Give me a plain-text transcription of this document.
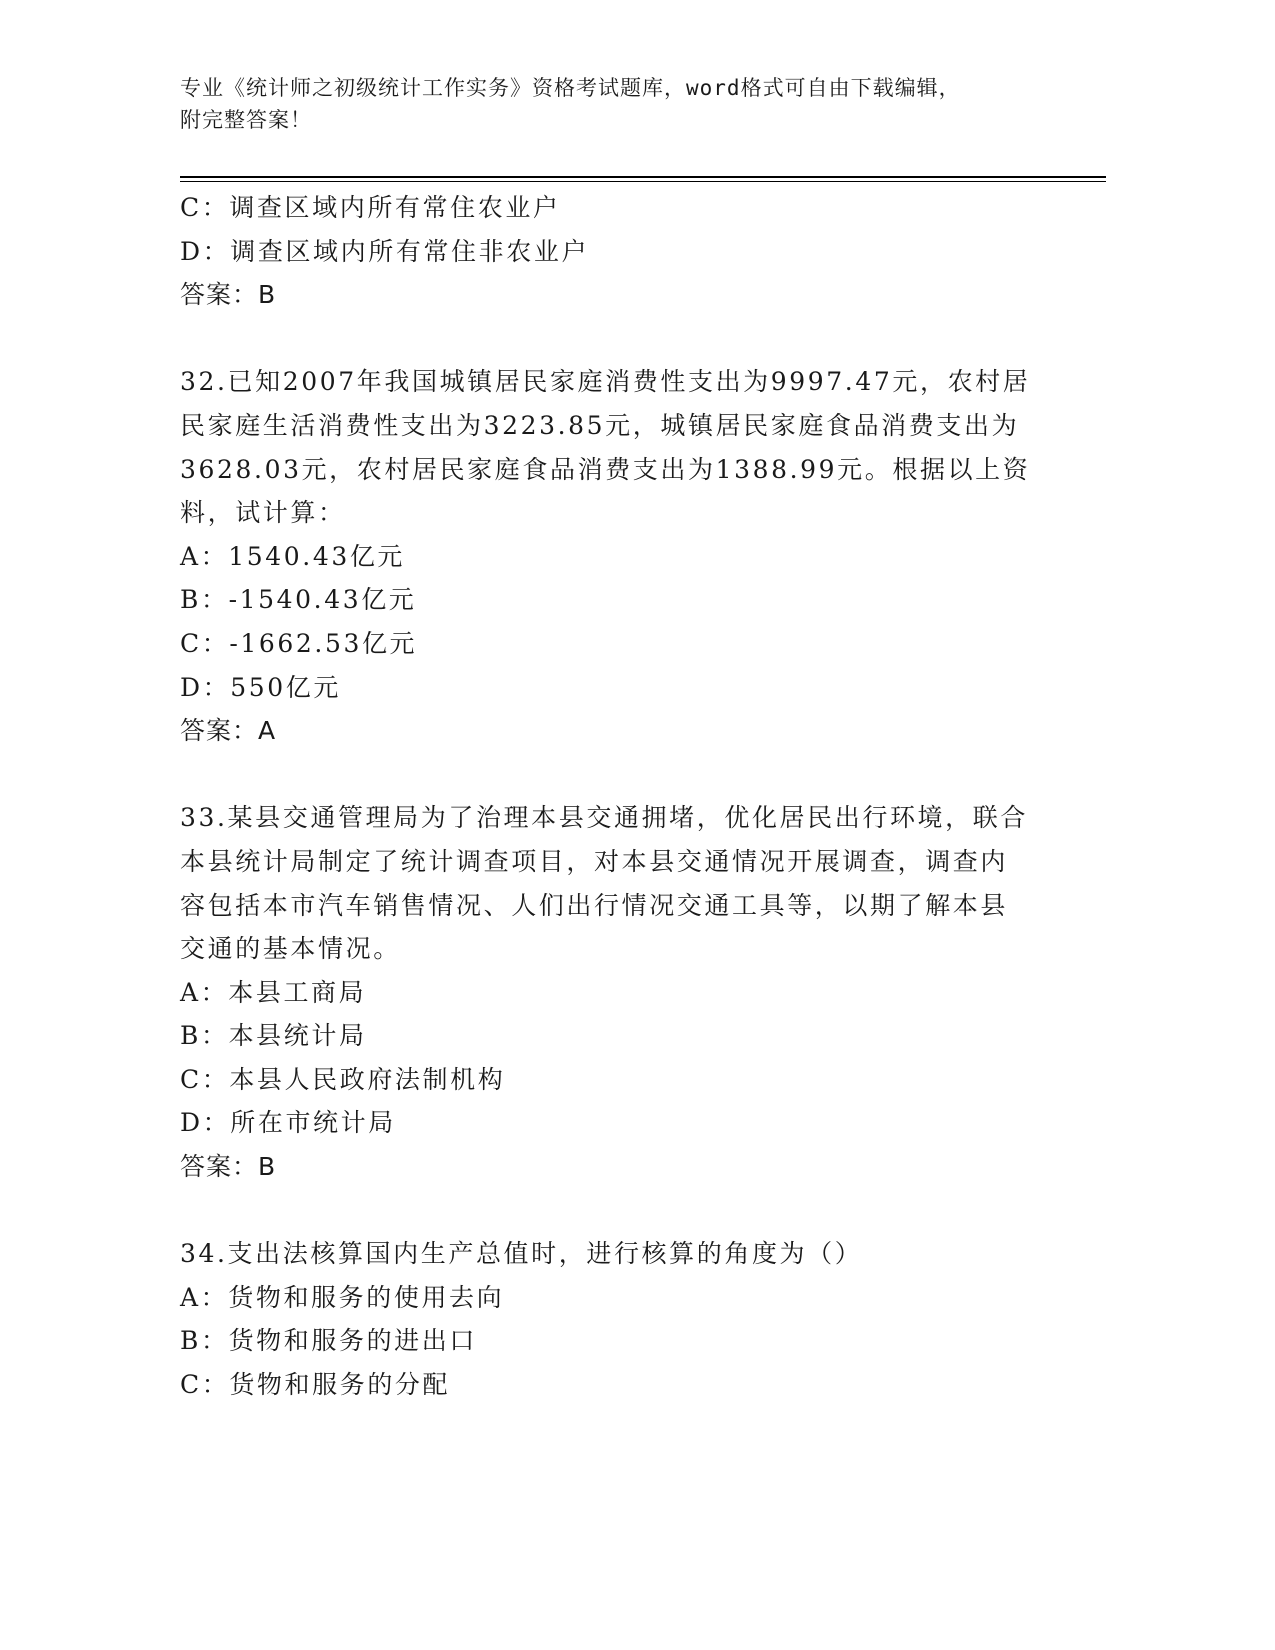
专业《统计师之初级统计工作实务》资格考试题库，word格式可自由下载编辑，
附完整答案！
C：调查区域内所有常住农业户
D：调查区域内所有常住非农业户
答案：B
32.已知2007年我国城镇居民家庭消费性支出为9997.47元，农村居
民家庭生活消费性支出为3223.85元，城镇居民家庭食品消费支出为
3628.03元，农村居民家庭食品消费支出为1388.99元。根据以上资
料，试计算：
A：1540.43亿元
B：-1540.43亿元
C：-1662.53亿元
D：550亿元
答案：A
33.某县交通管理局为了治理本县交通拥堵，优化居民出行环境，联合
本县统计局制定了统计调查项目，对本县交通情况开展调查，调查内
容包括本市汽车销售情况、人们出行情况交通工具等，以期了解本县
交通的基本情况。
A：本县工商局
B：本县统计局
C：本县人民政府法制机构
D：所在市统计局
答案：B
34.支出法核算国内生产总值时，进行核算的角度为（）
A：货物和服务的使用去向
B：货物和服务的进出口
C：货物和服务的分配
